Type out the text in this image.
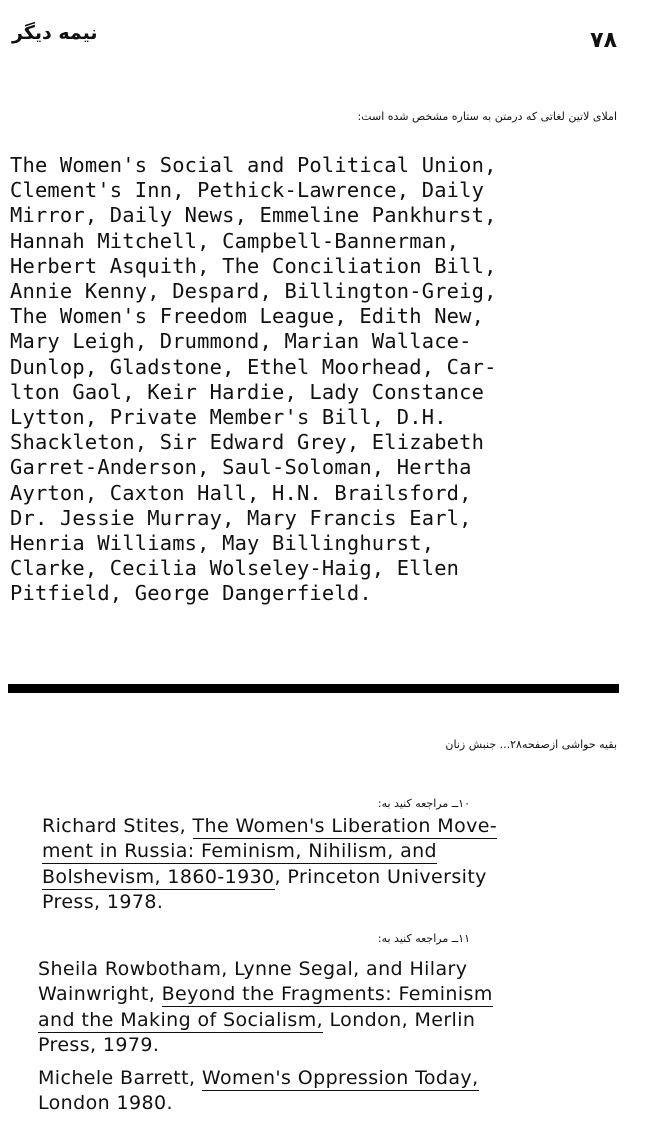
نیمه دیگر	۷۸
املای لاتین لغاتی که درمتن به ستاره مشخص شده است:
The Women's Social and Political Union,
Clement's Inn, Pethick-Lawrence, Daily
Mirror, Daily News, Emmeline Pankhurst,
Hannah Mitchell, Campbell-Bannerman,
Herbert Asquith, The Conciliation Bill,
Annie Kenny, Despard, Billington-Greig,
The Women's Freedom League, Edith New,
Mary Leigh, Drummond, Marian Wallace-
Dunlop, Gladstone, Ethel Moorhead, Car-
lton Gaol, Keir Hardie, Lady Constance
Lytton, Private Member's Bill, D.H.
Shackleton, Sir Edward Grey, Elizabeth
Garret-Anderson, Saul-Soloman, Hertha
Ayrton, Caxton Hall, H.N. Brailsford,
Dr. Jessie Murray, Mary Francis Earl,
Henria Williams, May Billinghurst,
Clarke, Cecilia Wolseley-Haig, Ellen
Pitfield, George Dangerfield.
بقیه حواشی ازصفحه۲۸... جنبش زنان
۱۰ــ مراجعه کنید به:
Richard Stites, The Women's Liberation Move-
ment in Russia: Feminism, Nihilism, and
Bolshevism, 1860-1930, Princeton University
Press, 1978.
۱۱ــ مراجعه کنید به:
Sheila Rowbotham, Lynne Segal, and Hilary
Wainwright, Beyond the Fragments: Feminism
and the Making of Socialism, London, Merlin
Press, 1979.
Michele Barrett, Women's Oppression Today,
London 1980.
